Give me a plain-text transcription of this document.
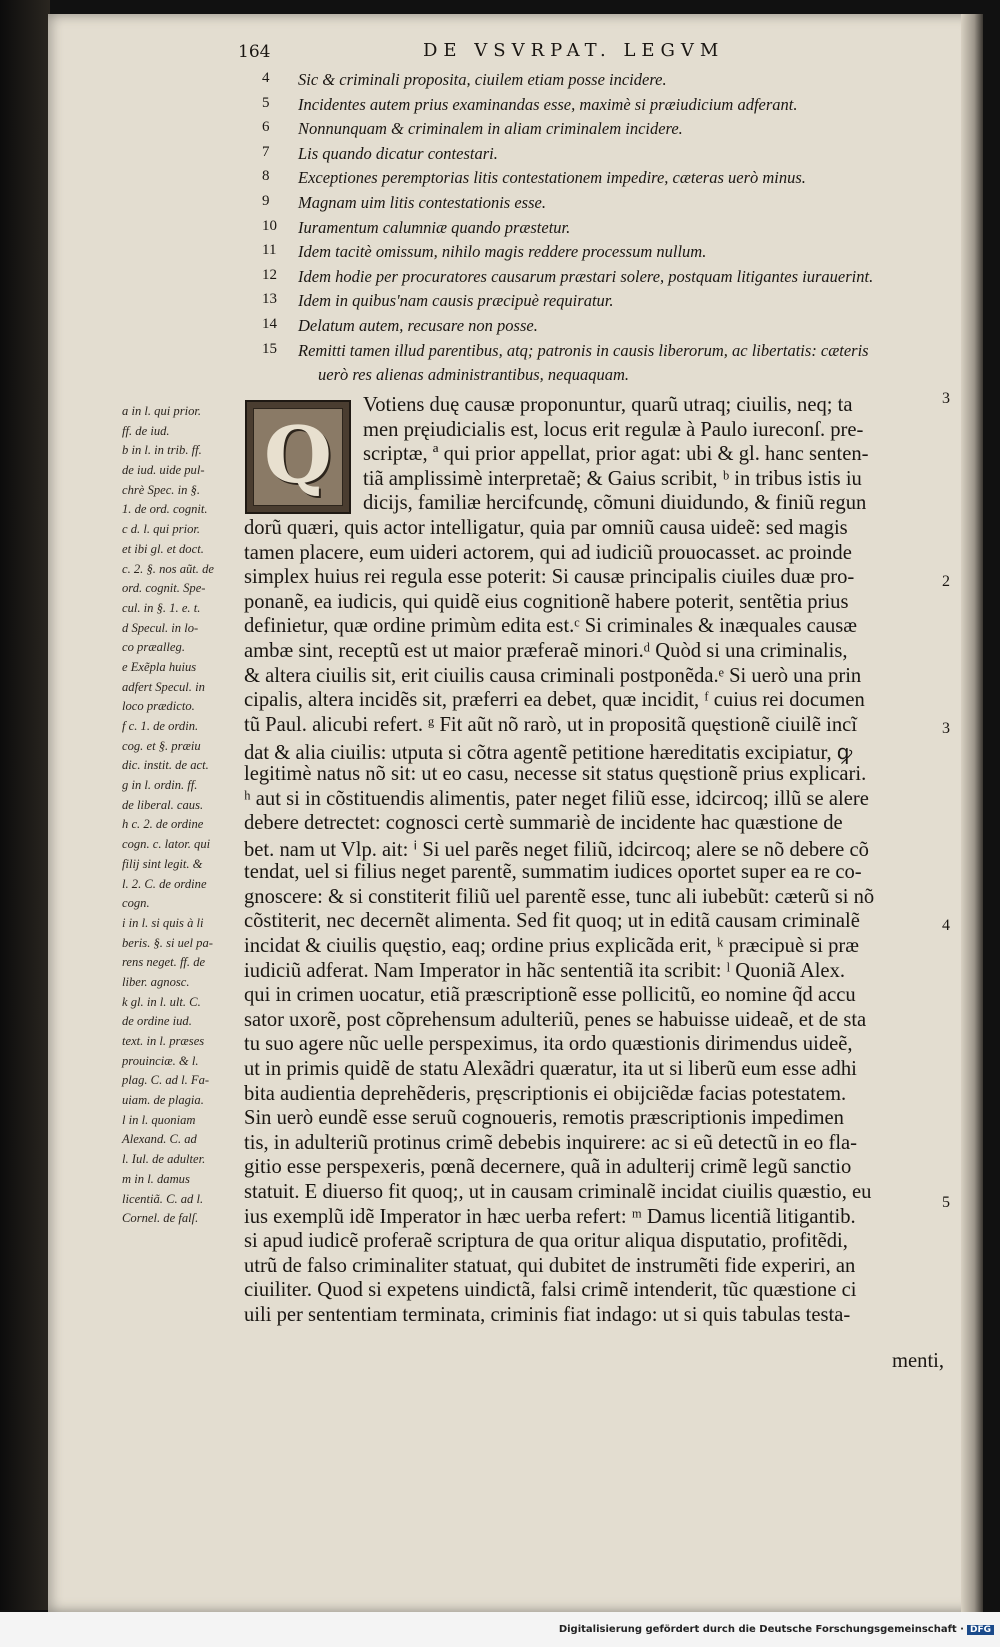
164	DE VSVRPAT. LEGVM
4	Sic & criminali proposita, ciuilem etiam posse incidere.
5	Incidentes autem prius examinandas esse, maximè si præiudicium adferant.
6	Nonnunquam & criminalem in aliam criminalem incidere.
7	Lis quando dicatur contestari.
8	Exceptiones peremptorias litis contestationem impedire, cæteras uerò minus.
9	Magnam uim litis contestationis esse.
10	Iuramentum calumniæ quando præstetur.
11	Idem tacitè omissum, nihilo magis reddere processum nullum.
12	Idem hodie per procuratores causarum præstari solere, postquam litigantes iurauerint.
13	Idem in quibus'nam causis præcipuè requiratur.
14	Delatum autem, recusare non posse.
15	Remitti tamen illud parentibus, atq; patronis in causis liberorum, ac libertatis: cæteris
uerò res alienas administrantibus, nequaquam.
a in l. qui prior.
ff. de iud.
b in l. in trib. ff.
de iud. uide pul-
chrè Spec. in §.
1. de ord. cognit.
c d. l. qui prior.
et ibi gl. et doct.
c. 2. §. nos aũt. de
ord. cognit. Spe-
cul. in §. 1. e. t.
d Specul. in lo-
co præalleg.
e Exẽpla huius
adfert Specul. in
loco prædicto.
f c. 1. de ordin.
cog. et §. præiu
dic. instit. de act.
g in l. ordin. ff.
de liberal. caus.
h c. 2. de ordine
cogn. c. lator. qui
filij sint legit. &
l. 2. C. de ordine
cogn.
i in l. si quis à li
beris. §. si uel pa-
rens neget. ff. de
liber. agnosc.
k gl. in l. ult. C.
de ordine iud.
text. in l. præses
prouinciæ. & l.
plag. C. ad l. Fa-
uiam. de plagia.
l in l. quoniam
Alexand. C. ad
l. Iul. de adulter.
m in l. damus
licentiã. C. ad l.
Cornel. de falſ.
Q
Votiens duę causæ proponuntur, quarũ utraq; ciuilis, neq; ta
men pręiudicialis est, locus erit regulæ à Paulo iureconſ. pre-
scriptæ, ª qui prior appellat, prior agat: ubi & gl. hanc senten-
tiã amplissimè interpretaẽ; & Gaius scribit, ᵇ in tribus istis iu
dicijs, familiæ hercifcundę, cõmuni diuidundo, & finiũ regun
dorũ quæri, quis actor intelligatur, quia par omniũ causa uideẽ: sed magis
tamen placere, eum uideri actorem, qui ad iudiciũ prouocasset. ac proinde
simplex huius rei regula esse poterit: Si causæ principalis ciuiles duæ pro-
ponanẽ, ea iudicis, qui quidẽ eius cognitionẽ habere poterit, sentẽtia prius
definietur, quæ ordine primùm edita est.ᶜ Si criminales & inæquales causæ
ambæ sint, receptũ est ut maior præferaẽ minori.ᵈ Quòd si una criminalis,
& altera ciuilis sit, erit ciuilis causa criminali postponẽda.ᵉ Si uerò una prin
cipalis, altera incidẽs sit, præferri ea debet, quæ incidit, ᶠ cuius rei documen
tũ Paul. alicubi refert. ᵍ Fit aũt nõ rarò, ut in propositã quęstionẽ ciuilẽ incĩ
dat & alia ciuilis: utputa si cõtra agentẽ petitione hæreditatis excipiatur, ꝙ
legitimè natus nõ sit: ut eo casu, necesse sit status quęstionẽ prius explicari.
ʰ aut si in cõstituendis alimentis, pater neget filiũ esse, idcircoq; illũ se alere
debere detrectet: cognosci certè summariè de incidente hac quæstione de
bet. nam ut Vlp. ait: ⁱ Si uel parẽs neget filiũ, idcircoq; alere se nõ debere cõ
tendat, uel si filius neget parentẽ, summatim iudices oportet super ea re co-
gnoscere: & si constiterit filiũ uel parentẽ esse, tunc ali iubebũt: cæterũ si nõ
cõstiterit, nec decernẽt alimenta. Sed fit quoq; ut in editã causam criminalẽ
incidat & ciuilis quęstio, eaq; ordine prius explicãda erit, ᵏ præcipuè si præ
iudiciũ adferat. Nam Imperator in hãc sententiã ita scribit: ˡ Quoniã Alex.
qui in crimen uocatur, etiã præscriptionẽ esse pollicitũ, eo nomine q̃d accu
sator uxorẽ, post cõprehensum adulteriũ, penes se habuisse uideaẽ, et de sta
tu suo agere nũc uelle perspeximus, ita ordo quæstionis dirimendus uideẽ,
ut in primis quidẽ de statu Alexãdri quæratur, ita ut si liberũ eum esse adhi
bita audientia deprehẽderis, pręscriptionis ei obijciẽdæ facias potestatem.
Sin uerò eundẽ esse seruũ cognoueris, remotis præscriptionis impedimen
tis, in adulteriũ protinus crimẽ debebis inquirere: ac si eũ detectũ in eo fla-
gitio esse perspexeris, pœnã decernere, quã in adulterij crimẽ legũ sanctio
statuit. E diuerso fit quoq;, ut in causam criminalẽ incidat ciuilis quæstio, eu
ius exemplũ idẽ Imperator in hæc uerba refert: ᵐ Damus licentiã litigantib.
si apud iudicẽ proferaẽ scriptura de qua oritur aliqua disputatio, profitẽdi,
utrũ de falso criminaliter statuat, qui dubitet de instrumẽti fide experiri, an
ciuiliter. Quod si expetens uindictã, falsi crimẽ intenderit, tũc quæstione ci
uili per sententiam terminata, criminis fiat indago: ut si quis tabulas testa-
menti,
3
2
3
4
5
Digitalisierung gefördert durch die Deutsche Forschungsgemeinschaft · DFG
